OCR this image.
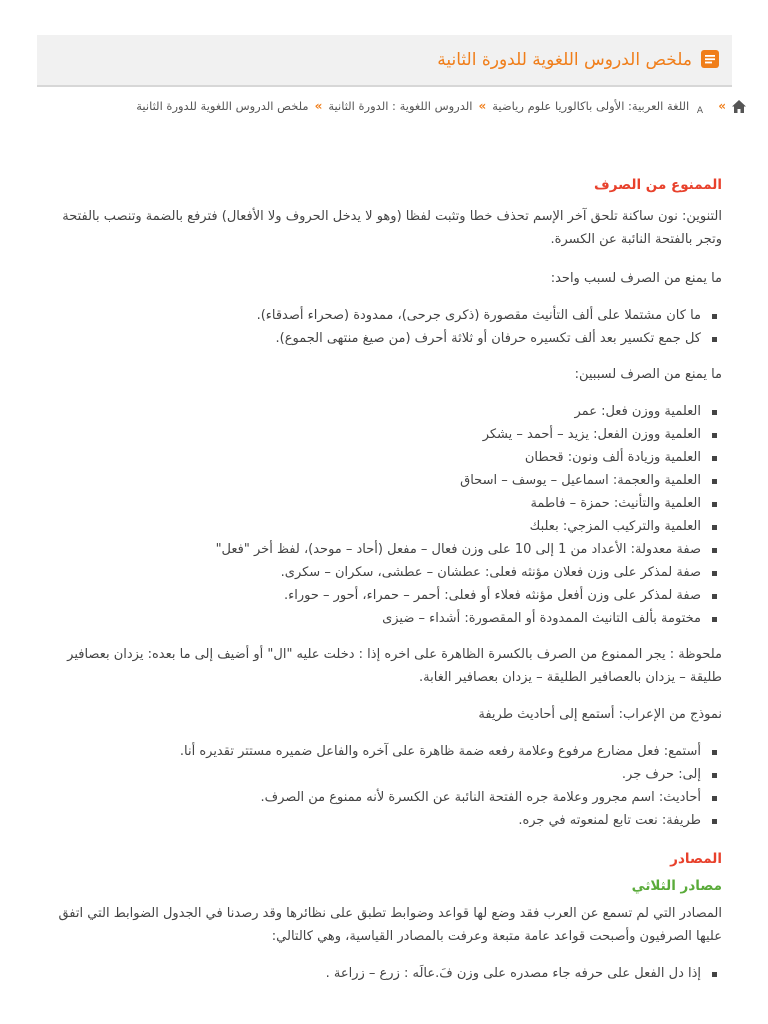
ملخص الدروس اللغوية للدورة الثانية
»
A
اللغة العربية: الأولى باكالوريا علوم رياضية
»
الدروس اللغوية : الدورة الثانية
»
ملخص الدروس اللغوية للدورة الثانية
الممنوع من الصرف

التنوين: نون ساكنة تلحق آخر الإسم تحذف خطا وتثبت لفظا (وهو لا يدخل الحروف ولا الأفعال) فترفع بالضمة وتنصب بالفتحة وتجر بالفتحة النائبة عن الكسرة.

ما يمنع من الصرف لسبب واحد:

ما كان مشتملا على ألف التأنيث مقصورة (ذكرى جرحى)، ممدودة (صحراء أصدقاء).
كل جمع تكسير بعد ألف تكسيره حرفان أو ثلاثة أحرف (من صيغ منتهى الجموع).

ما يمنع من الصرف لسببين:

العلمية ووزن فعل: عمر
العلمية ووزن الفعل: يزيد – أحمد – يشكر
العلمية وزيادة ألف ونون: قحطان
العلمية والعجمة: اسماعيل – يوسف – اسحاق
العلمية والتأنيث: حمزة – فاطمة
العلمية والتركيب المزجي: بعلبك
صفة معدولة: الأعداد من 1 إلى 10 على وزن فعال – مفعل (أحاد – موحد)، لفظ أخر "فعل"
صفة لمذكر على وزن فعلان مؤنثه فعلى: عطشان – عطشى، سكران – سكرى.
صفة لمذكر على وزن أفعل مؤنثه فعلاء أو فعلى: أحمر – حمراء، أحور – حوراء.
مختومة بألف التانيث الممدودة أو المقصورة: أشداء – ضيزى

ملحوظة : يجر الممنوع من الصرف بالكسرة الظاهرة على اخره إذا : دخلت عليه "ال" أو أضيف إلى ما بعده: يزدان بعصافير طليقة – يزدان بالعصافير الطليقة – يزدان بعصافير الغابة.

نموذج من الإعراب: أستمع إلى أحاديث طريفة

أستمع: فعل مضارع مرفوع وعلامة رفعه ضمة ظاهرة على آخره والفاعل ضميره مستتر تقديره أنا.
إلى: حرف جر.
أحاديث: اسم مجرور وعلامة جره الفتحة النائبة عن الكسرة لأنه ممنوع من الصرف.
طريفة: نعت تابع لمنعوته في جره.
المصادر
مصادر الثلاثي

المصادر التي لم تسمع عن العرب فقد وضع لها قواعد وضوابط تطبق على نظائرها وقد رصدنا في الجدول الضوابط التي اتفق عليها الصرفيون وأصبحت قواعد عامة متبعة وعرفت بالمصادر القياسية، وهي كالتالي:

إذا دل الفعل على حرفه جاء مصدره على وزن فَ.عالَه : زرع – زراعة .
